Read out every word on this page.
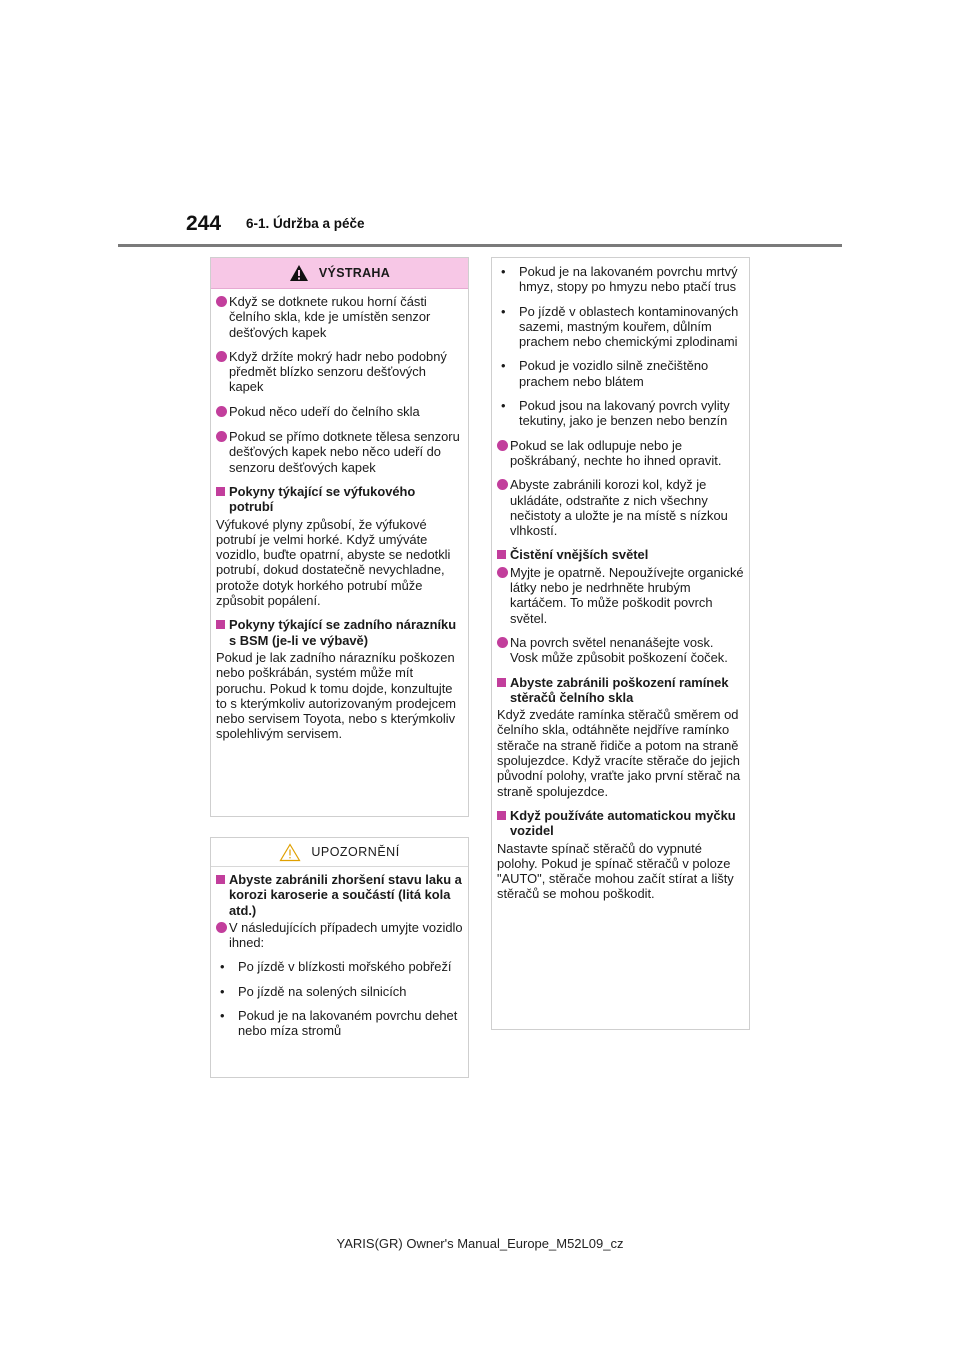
244 6-1. Údržba a péče
VÝSTRAHA
Když se dotknete rukou horní části čelního skla, kde je umístěn senzor dešťových kapek
Když držíte mokrý hadr nebo podobný předmět blízko senzoru dešťových kapek
Pokud něco udeří do čelního skla
Pokud se přímo dotknete tělesa senzoru dešťových kapek nebo něco udeří do senzoru dešťových kapek
Pokyny týkající se výfukového potrubí
Výfukové plyny způsobí, že výfukové potrubí je velmi horké. Když umýváte vozidlo, buďte opatrní, abyste se nedotkli potrubí, dokud dostatečně nevychladne, protože dotyk horkého potrubí může způsobit popálení.
Pokyny týkající se zadního nárazníku s BSM (je-li ve výbavě)
Pokud je lak zadního nárazníku poškozen nebo poškrábán, systém může mít poruchu. Pokud k tomu dojde, konzultujte to s kterýmkoliv autorizovaným prodejcem nebo servisem Toyota, nebo s kterýmkoliv spolehlivým servisem.
UPOZORNĚNÍ
Abyste zabránili zhoršení stavu laku a korozi karoserie a součástí (litá kola atd.)
V následujících případech umyjte vozidlo ihned:
•	Po jízdě v blízkosti mořského pobřeží
•	Po jízdě na solených silnicích
•	Pokud je na lakovaném povrchu dehet nebo míza stromů
•	Pokud je na lakovaném povrchu mrtvý hmyz, stopy po hmyzu nebo ptačí trus
•	Po jízdě v oblastech kontaminovaných sazemi, mastným kouřem, důlním prachem nebo chemickými zplodinami
•	Pokud je vozidlo silně znečištěno prachem nebo blátem
•	Pokud jsou na lakovaný povrch vylity tekutiny, jako je benzen nebo benzín
Pokud se lak odlupuje nebo je poškrábaný, nechte ho ihned opravit.
Abyste zabránili korozi kol, když je ukládáte, odstraňte z nich všechny nečistoty a uložte je na místě s nízkou vlhkostí.
Čistění vnějších světel
Myjte je opatrně. Nepoužívejte organické látky nebo je nedrhněte hrubým kartáčem. To může poškodit povrch světel.
Na povrch světel nenanášejte vosk. Vosk může způsobit poškození čoček.
Abyste zabránili poškození ramínek stěračů čelního skla
Když zvedáte ramínka stěračů směrem od čelního skla, odtáhněte nejdříve ramínko stěrače na straně řidiče a potom na straně spolujezdce. Když vracíte stěrače do jejich původní polohy, vraťte jako první stěrač na straně spolujezdce.
Když používáte automatickou myčku vozidel
Nastavte spínač stěračů do vypnuté polohy. Pokud je spínač stěračů v poloze "AUTO", stěrače mohou začít stírat a lišty stěračů se mohou poškodit.
YARIS(GR) Owner's Manual_Europe_M52L09_cz
